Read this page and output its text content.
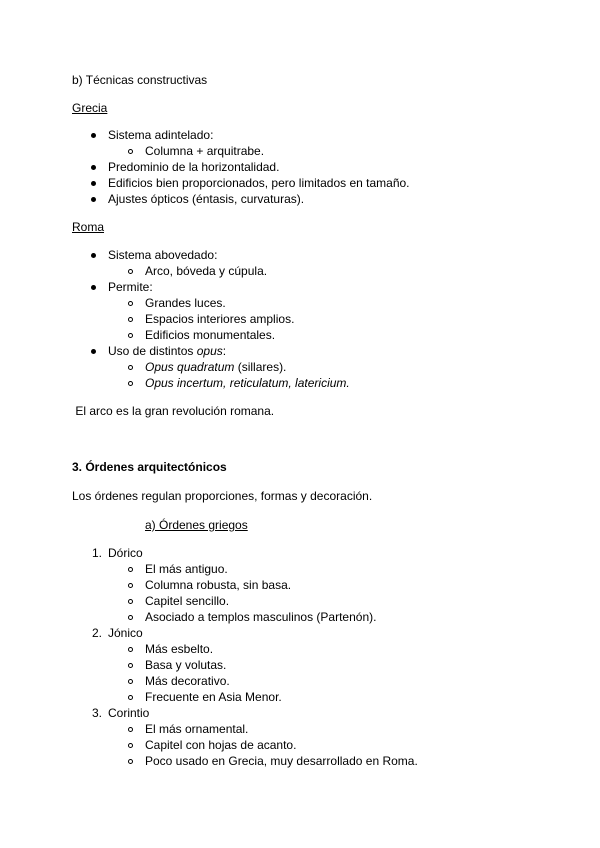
b) Técnicas constructivas
Grecia
Sistema adintelado:
Columna + arquitrabe.
Predominio de la horizontalidad.
Edificios bien proporcionados, pero limitados en tamaño.
Ajustes ópticos (éntasis, curvaturas).
Roma
Sistema abovedado:
Arco, bóveda y cúpula.
Permite:
Grandes luces.
Espacios interiores amplios.
Edificios monumentales.
Uso de distintos opus:
Opus quadratum (sillares).
Opus incertum, reticulatum, latericium.
El arco es la gran revolución romana.
3. Órdenes arquitectónicos
Los órdenes regulan proporciones, formas y decoración.
a) Órdenes griegos
1. Dórico
El más antiguo.
Columna robusta, sin basa.
Capitel sencillo.
Asociado a templos masculinos (Partenón).
2. Jónico
Más esbelto.
Basa y volutas.
Más decorativo.
Frecuente en Asia Menor.
3. Corintio
El más ornamental.
Capitel con hojas de acanto.
Poco usado en Grecia, muy desarrollado en Roma.
